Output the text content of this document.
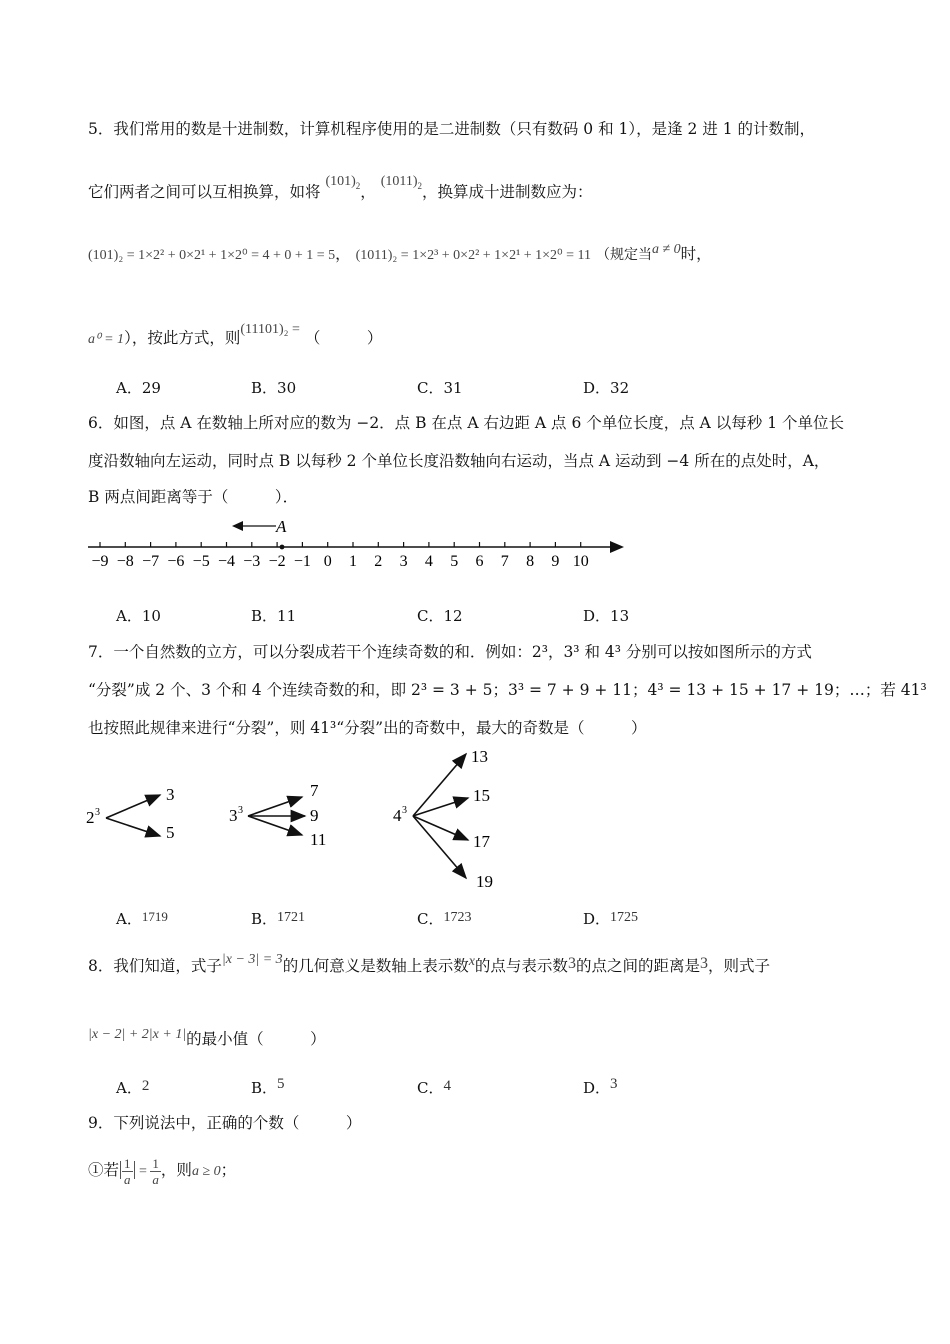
5．我们常用的数是十进制数，计算机程序使用的是二进制数（只有数码 0 和 1），是逢 2 进 1 的计数制，
它们两者之间可以互相换算，如将 $(101)_2$， $(1011)_2$，换算成十进制数应为：
(101)₂ = 1×2² + 0×2¹ + 1×2⁰ = 4 + 0 + 1 = 5， (1011)₂ = 1×2³ + 0×2² + 1×2¹ + 1×2⁰ = 11 （规定当a ≠ 0时，
a⁰ = 1），按此方式，则(11101)₂ = （　　　）
A．29	B．30	C．31	D．32
6．如图，点 A 在数轴上所对应的数为 −2．点 B 在点 A 右边距 A 点 6 个单位长度，点 A 以每秒 1 个单位长
度沿数轴向左运动，同时点 B 以每秒 2 个单位长度沿数轴向右运动，当点 A 运动到 −4 所在的点处时，A，
B 两点间距离等于（　　　）．
A
−9 −8 −7 −6 −5 −4 −3 −2 −1 0 1 2 3 4 5 6 7 8 9 10
A．10	B．11	C．12	D．13
7．一个自然数的立方，可以分裂成若干个连续奇数的和．例如：2³，3³ 和 4³ 分别可以按如图所示的方式
“分裂”成 2 个、3 个和 4 个连续奇数的和，即 2³ = 3 + 5；3³ = 7 + 9 + 11；4³ = 13 + 15 + 17 + 19；…；若 41³
也按照此规律来进行“分裂”，则 41³“分裂”出的奇数中，最大的奇数是（　　　）
2 3
3
5
3 3
7
9
11
4 3
13
15
17
19
A．1719	B．1721	C．1723	D．1725
8．我们知道，式子|x − 3| = 3的几何意义是数轴上表示数x的点与表示数3的点之间的距离是3，则式子
|x − 2| + 2|x + 1|的最小值（　　　）
A．2	B．5	C．4	D．3
9．下列说法中，正确的个数（　　　）
①若 $\frac{1}{a} = \frac{1}{a}$ ，则a ≥ 0；
